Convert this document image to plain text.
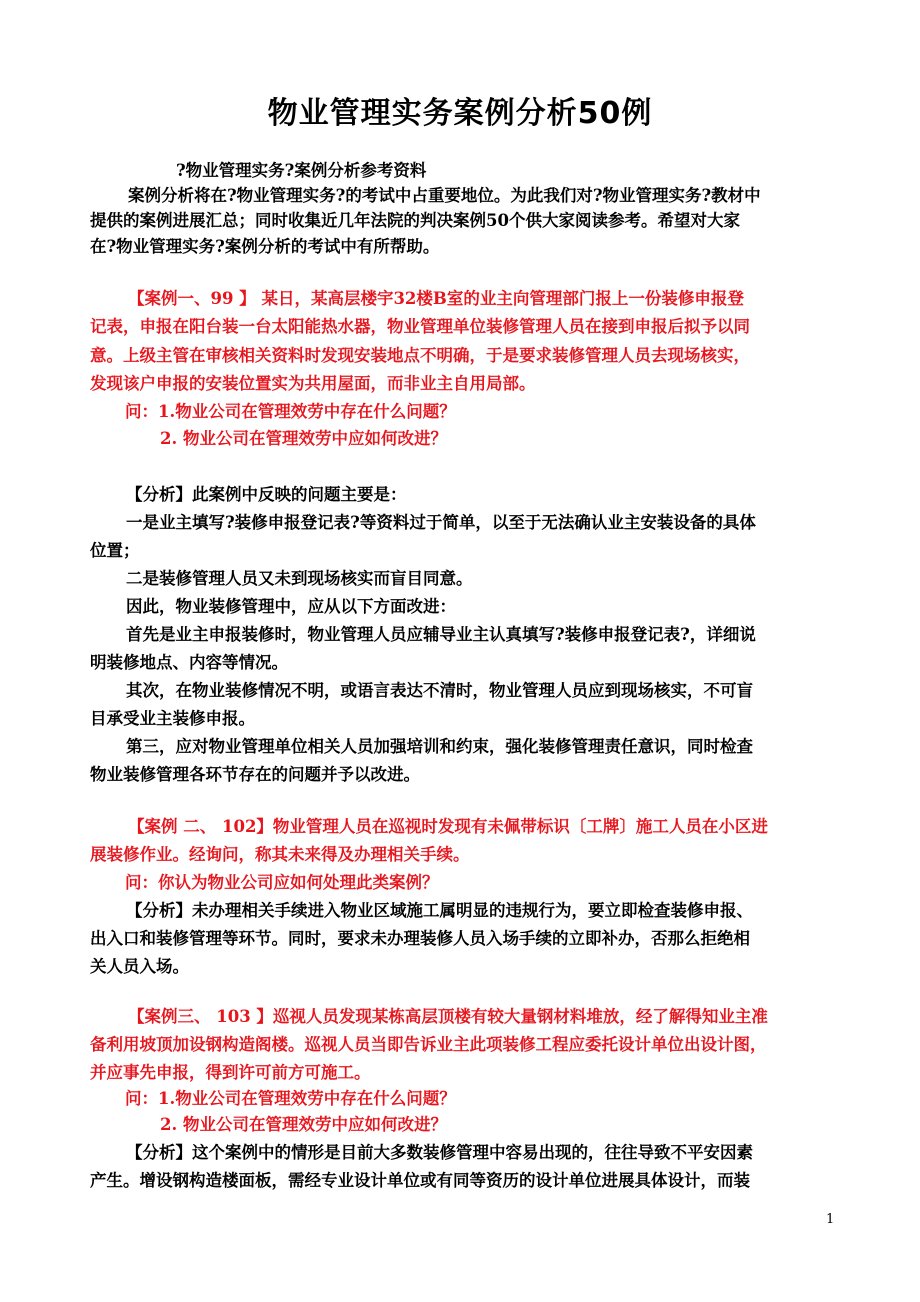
物业管理实务案例分析50例
?物业管理实务?案例分析参考资料
案例分析将在?物业管理实务?的考试中占重要地位。为此我们对?物业管理实务?教材中
提供的案例进展汇总；同时收集近几年法院的判决案例50个供大家阅读参考。希望对大家
在?物业管理实务?案例分析的考试中有所帮助。
【案例一、99 】 某日，某高层楼宇32楼B室的业主向管理部门报上一份装修申报登
记表，申报在阳台装一台太阳能热水器，物业管理单位装修管理人员在接到申报后拟予以同
意。上级主管在审核相关资料时发现安装地点不明确，于是要求装修管理人员去现场核实，
发现该户申报的安装位置实为共用屋面，而非业主自用局部。
问：1.物业公司在管理效劳中存在什么问题？
2. 物业公司在管理效劳中应如何改进？
【分析】此案例中反映的问题主要是：
一是业主填写?装修申报登记表?等资料过于简单，以至于无法确认业主安装设备的具体
位置；
二是装修管理人员又未到现场核实而盲目同意。
因此，物业装修管理中，应从以下方面改进：
首先是业主申报装修时，物业管理人员应辅导业主认真填写?装修申报登记表?，详细说
明装修地点、内容等情况。
其次，在物业装修情况不明，或语言表达不清时，物业管理人员应到现场核实，不可盲
目承受业主装修申报。
第三，应对物业管理单位相关人员加强培训和约束，强化装修管理责任意识，同时检查
物业装修管理各环节存在的问题并予以改进。
【案例 二、 102】物业管理人员在巡视时发现有未佩带标识〔工牌〕施工人员在小区进
展装修作业。经询问，称其未来得及办理相关手续。
问：你认为物业公司应如何处理此类案例？
【分析】未办理相关手续进入物业区域施工属明显的违规行为，要立即检查装修申报、
出入口和装修管理等环节。同时，要求未办理装修人员入场手续的立即补办，否那么拒绝相
关人员入场。
【案例三、 103 】巡视人员发现某栋高层顶楼有较大量钢材料堆放，经了解得知业主准
备利用坡顶加设钢构造阁楼。巡视人员当即告诉业主此项装修工程应委托设计单位出设计图，
并应事先申报，得到许可前方可施工。
问：1.物业公司在管理效劳中存在什么问题？
2. 物业公司在管理效劳中应如何改进？
【分析】这个案例中的情形是目前大多数装修管理中容易出现的，往往导致不平安因素
产生。增设钢构造楼面板，需经专业设计单位或有同等资历的设计单位进展具体设计，而装
1
